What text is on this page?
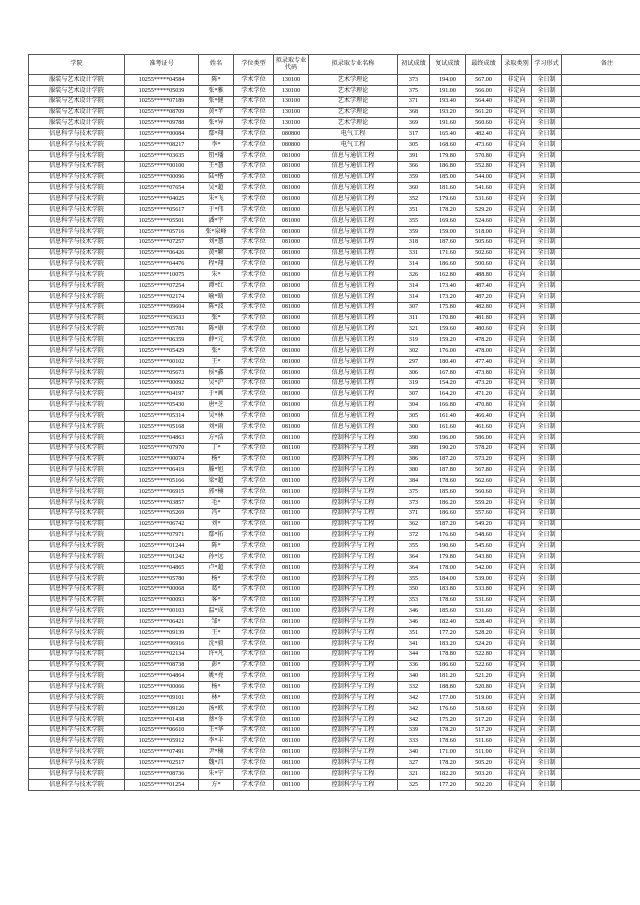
学院	准考证号	姓名	学位类型	拟录取专业代码	拟录取专业名称	初试成绩	复试成绩	最终成绩	录取类别	学习形式	备注
服装与艺术设计学院	10255*****04584	陈*	学术学位	130100	艺术学理论	373	194.00	567.00	非定向	全日制	
服装与艺术设计学院	10255*****05039	张*雅	学术学位	130100	艺术学理论	375	191.00	566.00	非定向	全日制	
服装与艺术设计学院	10255*****07189	张*健	学术学位	130100	艺术学理论	371	193.40	564.40	非定向	全日制	
服装与艺术设计学院	10255*****08709	黄*芊	学术学位	130100	艺术学理论	368	193.20	561.20	非定向	全日制	
服装与艺术设计学院	10255*****09788	张*异	学术学位	130100	艺术学理论	369	191.60	560.60	非定向	全日制	
信息科学与技术学院	10255*****00084	鄢*翔	学术学位	080800	电气工程	317	165.40	482.40	非定向	全日制	
信息科学与技术学院	10255*****08217	李*	学术学位	080800	电气工程	305	168.60	473.60	非定向	全日制	
信息科学与技术学院	10255*****03635	钮*璠	学术学位	081000	信息与通信工程	391	179.80	570.80	非定向	全日制	
信息科学与技术学院	10255*****00100	王*慧	学术学位	081000	信息与通信工程	366	186.80	552.80	非定向	全日制	
信息科学与技术学院	10255*****00096	陆*楷	学术学位	081000	信息与通信工程	359	185.00	544.00	非定向	全日制	
信息科学与技术学院	10255*****07654	吴*超	学术学位	081000	信息与通信工程	360	181.60	541.60	非定向	全日制	
信息科学与技术学院	10255*****04025	朱*飞	学术学位	081000	信息与通信工程	352	179.60	531.60	非定向	全日制	
信息科学与技术学院	10255*****05617	于*伟	学术学位	081000	信息与通信工程	351	178.20	529.20	非定向	全日制	
信息科学与技术学院	10255*****05501	潘*宇	学术学位	081000	信息与通信工程	355	169.60	524.60	非定向	全日制	
信息科学与技术学院	10255*****05716	张*泉峰	学术学位	081000	信息与通信工程	359	159.00	518.00	非定向	全日制	
信息科学与技术学院	10255*****07257	刘*慧	学术学位	081000	信息与通信工程	318	187.60	505.60	非定向	全日制	
信息科学与技术学院	10255*****06426	黄*颖	学术学位	081000	信息与通信工程	331	171.60	502.60	非定向	全日制	
信息科学与技术学院	10255*****04476	程*翔	学术学位	081000	信息与通信工程	314	186.60	500.60	非定向	全日制	
信息科学与技术学院	10255*****10075	朱*	学术学位	081000	信息与通信工程	326	162.80	488.80	非定向	全日制	
信息科学与技术学院	10255*****07254	谭*红	学术学位	081000	信息与通信工程	314	173.40	487.40	非定向	全日制	
信息科学与技术学院	10255*****02174	喻*晗	学术学位	081000	信息与通信工程	314	173.20	487.20	非定向	全日制	
信息科学与技术学院	10255*****09604	陈*波	学术学位	081000	信息与通信工程	307	175.80	482.80	非定向	全日制	
信息科学与技术学院	10255*****03633	张*	学术学位	081000	信息与通信工程	311	170.80	481.80	非定向	全日制	
信息科学与技术学院	10255*****05781	陈*康	学术学位	081000	信息与通信工程	321	159.60	480.60	非定向	全日制	
信息科学与技术学院	10255*****06359	薛*元	学术学位	081000	信息与通信工程	319	159.20	478.20	非定向	全日制	
信息科学与技术学院	10255*****05429	张*	学术学位	081000	信息与通信工程	302	176.00	478.00	非定向	全日制	
信息科学与技术学院	10255*****00102	王*	学术学位	081000	信息与通信工程	297	180.40	477.40	非定向	全日制	
信息科学与技术学院	10255*****05673	侯*鑫	学术学位	081000	信息与通信工程	306	167.80	473.80	非定向	全日制	
信息科学与技术学院	10255*****00092	吴*沪	学术学位	081000	信息与通信工程	319	154.20	473.20	非定向	全日制	
信息科学与技术学院	10255*****04197	于*画	学术学位	081000	信息与通信工程	307	164.20	471.20	非定向	全日制	
信息科学与技术学院	10255*****05430	唐*芝	学术学位	081000	信息与通信工程	304	166.80	470.80	非定向	全日制	
信息科学与技术学院	10255*****05314	吴*林	学术学位	081000	信息与通信工程	305	161.40	466.40	非定向	全日制	
信息科学与技术学院	10255*****05168	刘*雨	学术学位	081000	信息与通信工程	300	161.60	461.60	非定向	全日制	
信息科学与技术学院	10255*****04863	方*浩	学术学位	081100	控制科学与工程	390	196.00	586.00	非定向	全日制	
信息科学与技术学院	10255*****07970	丁*	学术学位	081100	控制科学与工程	388	190.20	578.20	非定向	全日制	
信息科学与技术学院	10255*****00074	杨*	学术学位	081100	控制科学与工程	386	187.20	573.20	非定向	全日制	
信息科学与技术学院	10255*****06419	滕*旭	学术学位	081100	控制科学与工程	380	187.80	567.80	非定向	全日制	
信息科学与技术学院	10255*****05166	梁*超	学术学位	081100	控制科学与工程	384	178.60	562.60	非定向	全日制	
信息科学与技术学院	10255*****06915	郭*楠	学术学位	081100	控制科学与工程	375	185.60	560.60	非定向	全日制	
信息科学与技术学院	10255*****03857	毛*	学术学位	081100	控制科学与工程	373	186.20	559.20	非定向	全日制	
信息科学与技术学院	10255*****05269	冯*	学术学位	081100	控制科学与工程	371	186.60	557.60	非定向	全日制	
信息科学与技术学院	10255*****06742	刘*	学术学位	081100	控制科学与工程	362	187.20	549.20	非定向	全日制	
信息科学与技术学院	10255*****07971	鄢*拓	学术学位	081100	控制科学与工程	372	176.60	548.60	非定向	全日制	
信息科学与技术学院	10255*****01244	陈*	学术学位	081100	控制科学与工程	355	190.60	545.60	非定向	全日制	
信息科学与技术学院	10255*****01242	孙*远	学术学位	081100	控制科学与工程	364	179.80	543.80	非定向	全日制	
信息科学与技术学院	10255*****04865	卢*超	学术学位	081100	控制科学与工程	364	178.00	542.00	非定向	全日制	
信息科学与技术学院	10255*****05780	杨*	学术学位	081100	控制科学与工程	355	184.00	539.00	非定向	全日制	
信息科学与技术学院	10255*****00068	葛*	学术学位	081100	控制科学与工程	350	183.80	533.80	非定向	全日制	
信息科学与技术学院	10255*****00093	客*	学术学位	081100	控制科学与工程	353	178.60	531.60	非定向	全日制	
信息科学与技术学院	10255*****00103	温*成	学术学位	081100	控制科学与工程	346	185.60	531.60	非定向	全日制	
信息科学与技术学院	10255*****06421	邹*	学术学位	081100	控制科学与工程	346	182.40	528.40	非定向	全日制	
信息科学与技术学院	10255*****09139	王*	学术学位	081100	控制科学与工程	351	177.20	528.20	非定向	全日制	
信息科学与技术学院	10255*****06916	沈*毅	学术学位	081100	控制科学与工程	341	183.20	524.20	非定向	全日制	
信息科学与技术学院	10255*****02134	许*凡	学术学位	081100	控制科学与工程	344	178.80	522.80	非定向	全日制	
信息科学与技术学院	10255*****08738	彭*	学术学位	081100	控制科学与工程	336	186.60	522.60	非定向	全日制	
信息科学与技术学院	10255*****04864	姚*亮	学术学位	081100	控制科学与工程	340	181.20	521.20	非定向	全日制	
信息科学与技术学院	10255*****00066	杨*	学术学位	081100	控制科学与工程	332	188.80	520.80	非定向	全日制	
信息科学与技术学院	10255*****09101	林*	学术学位	081100	控制科学与工程	342	177.00	519.00	非定向	全日制	
信息科学与技术学院	10255*****09120	汤*欧	学术学位	081100	控制科学与工程	342	176.60	518.60	非定向	全日制	
信息科学与技术学院	10255*****01438	蔡*冬	学术学位	081100	控制科学与工程	342	175.20	517.20	非定向	全日制	
信息科学与技术学院	10255*****06610	王*华	学术学位	081100	控制科学与工程	339	178.20	517.20	非定向	全日制	
信息科学与技术学院	10255*****05912	李*丰	学术学位	081100	控制科学与工程	333	178.60	511.60	非定向	全日制	
信息科学与技术学院	10255*****07491	尹*楠	学术学位	081100	控制科学与工程	340	171.00	511.00	非定向	全日制	
信息科学与技术学院	10255*****02517	魏*昌	学术学位	081100	控制科学与工程	327	178.20	505.20	非定向	全日制	
信息科学与技术学院	10255*****08736	朱*宁	学术学位	081100	控制科学与工程	321	182.20	503.20	非定向	全日制	
信息科学与技术学院	10255*****01254	方*	学术学位	081100	控制科学与工程	325	177.20	502.20	非定向	全日制	
